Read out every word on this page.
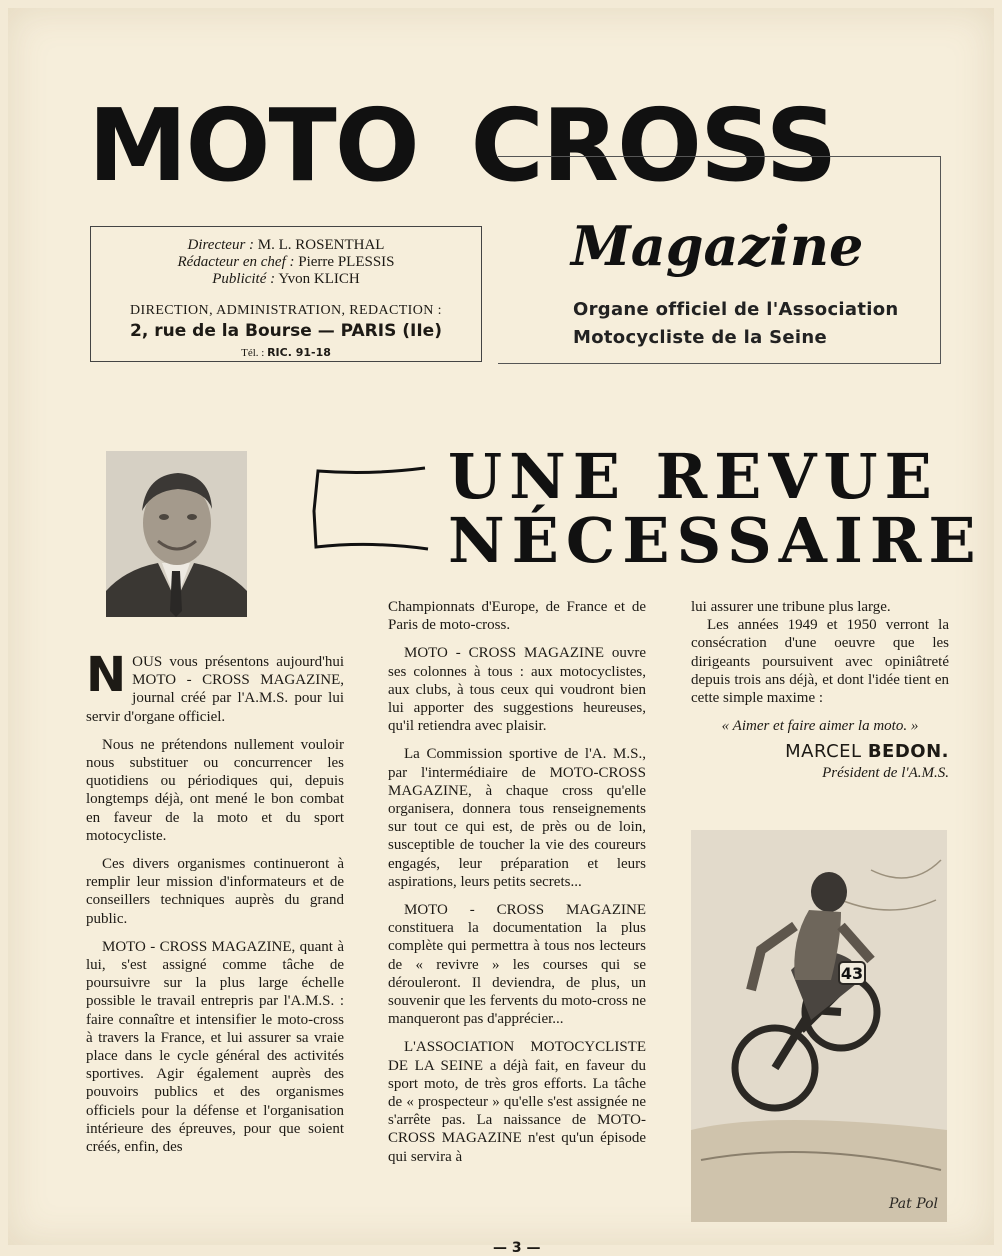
MOTO CROSS
Magazine
Organe officiel de l'Association
Motocycliste de la Seine
Directeur : M. L. ROSENTHAL
Rédacteur en chef : Pierre PLESSIS
Publicité : Yvon KLICH
DIRECTION, ADMINISTRATION, REDACTION :
2, rue de la Bourse — PARIS (IIe)
Tél. : RIC. 91-18
UNE REVUE
NÉCESSAIRE

NOUS vous présentons aujourd'hui MOTO - CROSS MAGAZINE, journal créé par l'A.M.S. pour lui servir d'organe officiel.

Nous ne prétendons nullement vouloir nous substituer ou concurrencer les quotidiens ou périodiques qui, depuis longtemps déjà, ont mené le bon combat en faveur de la moto et du sport motocycliste.

Ces divers organismes continueront à remplir leur mission d'informateurs et de conseillers techniques auprès du grand public.

MOTO - CROSS MAGAZINE, quant à lui, s'est assigné comme tâche de poursuivre sur la plus large échelle possible le travail entrepris par l'A.M.S. : faire connaître et intensifier le moto-cross à travers la France, et lui assurer sa vraie place dans le cycle général des activités sportives. Agir également auprès des pouvoirs publics et des organismes officiels pour la défense et l'organisation intérieure des épreuves, pour que soient créés, enfin, des

Championnats d'Europe, de France et de Paris de moto-cross.

MOTO - CROSS MAGAZINE ouvre ses colonnes à tous : aux motocyclistes, aux clubs, à tous ceux qui voudront bien lui apporter des suggestions heureuses, qu'il retiendra avec plaisir.

La Commission sportive de l'A. M.S., par l'intermédiaire de MOTO-CROSS MAGAZINE, à chaque cross qu'elle organisera, donnera tous renseignements sur tout ce qui est, de près ou de loin, susceptible de toucher la vie des coureurs engagés, leur préparation et leurs aspirations, leurs petits secrets...

MOTO - CROSS MAGAZINE constituera la documentation la plus complète qui permettra à tous nos lecteurs de « revivre » les courses qui se dérouleront. Il deviendra, de plus, un souvenir que les fervents du moto-cross ne manqueront pas d'apprécier...

L'ASSOCIATION MOTOCYCLISTE DE LA SEINE a déjà fait, en faveur du sport moto, de très gros efforts. La tâche de « prospecteur » qu'elle s'est assignée ne s'arrête pas. La naissance de MOTO-CROSS MAGAZINE n'est qu'un épisode qui servira à

lui assurer une tribune plus large.

Les années 1949 et 1950 verront la consécration d'une oeuvre que les dirigeants poursuivent avec opiniâtreté depuis trois ans déjà, et dont l'idée tient en cette simple maxime :

« Aimer et faire aimer la moto. »
MARCEL BEDON.
Président de l'A.M.S.
43
Pat Pol
— 3 —
